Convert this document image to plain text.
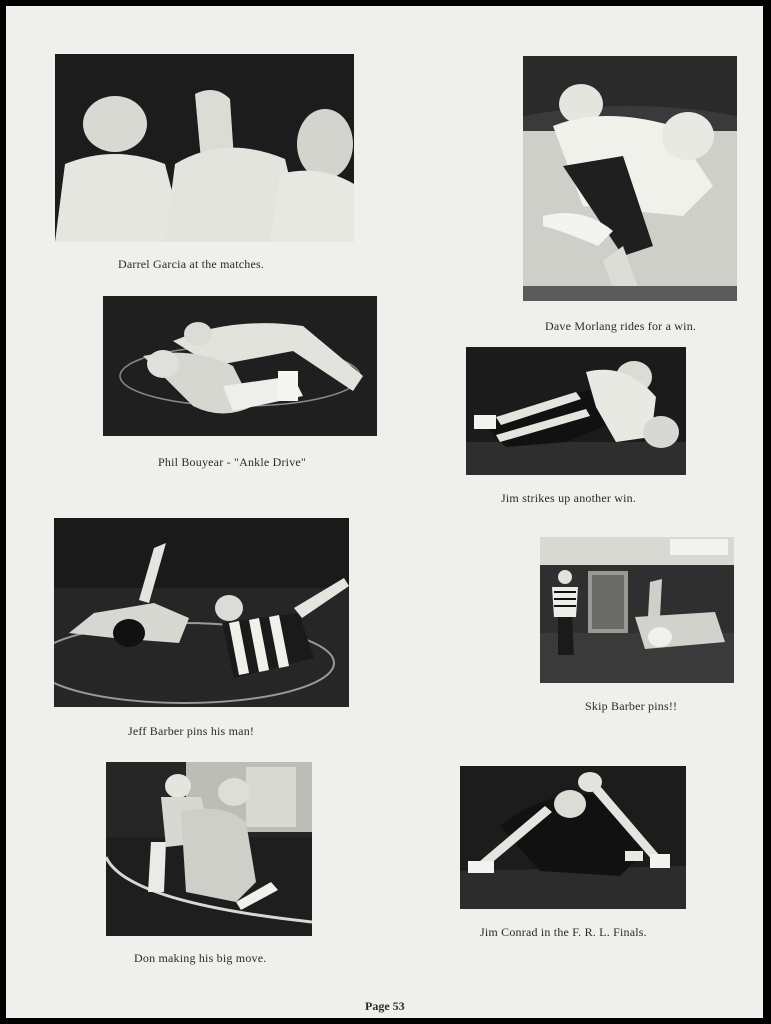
Darrel Garcia at the matches.
Dave Morlang rides for a win.
Phil Bouyear - "Ankle Drive"
Jim strikes up another win.
Jeff Barber pins his man!
Skip Barber pins!!
Don making his big move.
Jim Conrad in the F. R. L. Finals.
Page 53
